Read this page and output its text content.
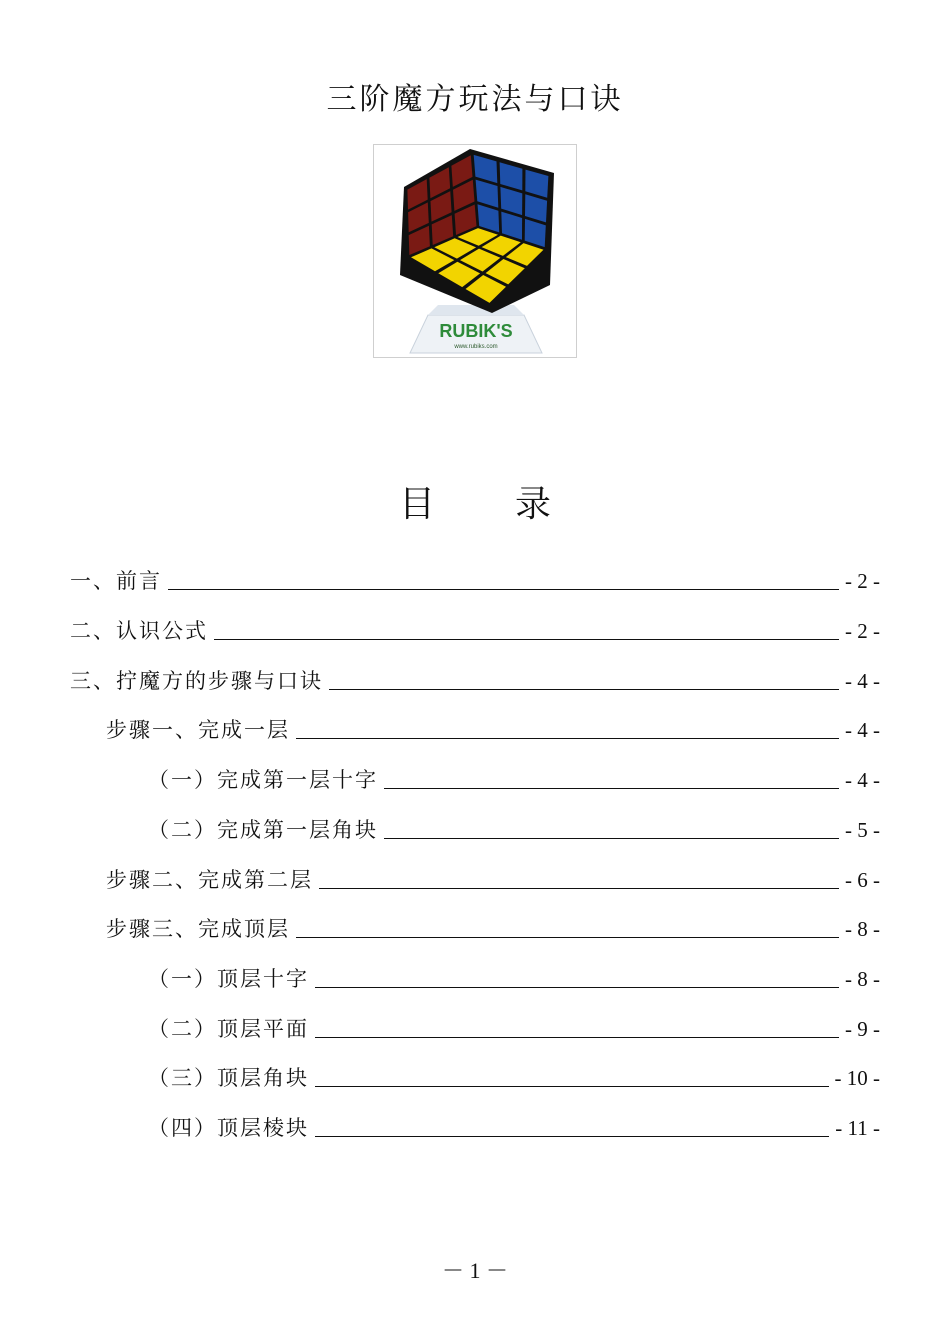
三阶魔方玩法与口诀
RUBIK'S
www.rubiks.com
目 录
一、前言	- 2 -
二、认识公式	- 2 -
三、拧魔方的步骤与口诀	- 4 -
步骤一、完成一层	- 4 -
（一）完成第一层十字	- 4 -
（二）完成第一层角块	- 5 -
步骤二、完成第二层	- 6 -
步骤三、完成顶层	- 8 -
（一）顶层十字	- 8 -
（二）顶层平面	- 9 -
（三）顶层角块	- 10 -
（四）顶层棱块	- 11 -
－ 1 －
